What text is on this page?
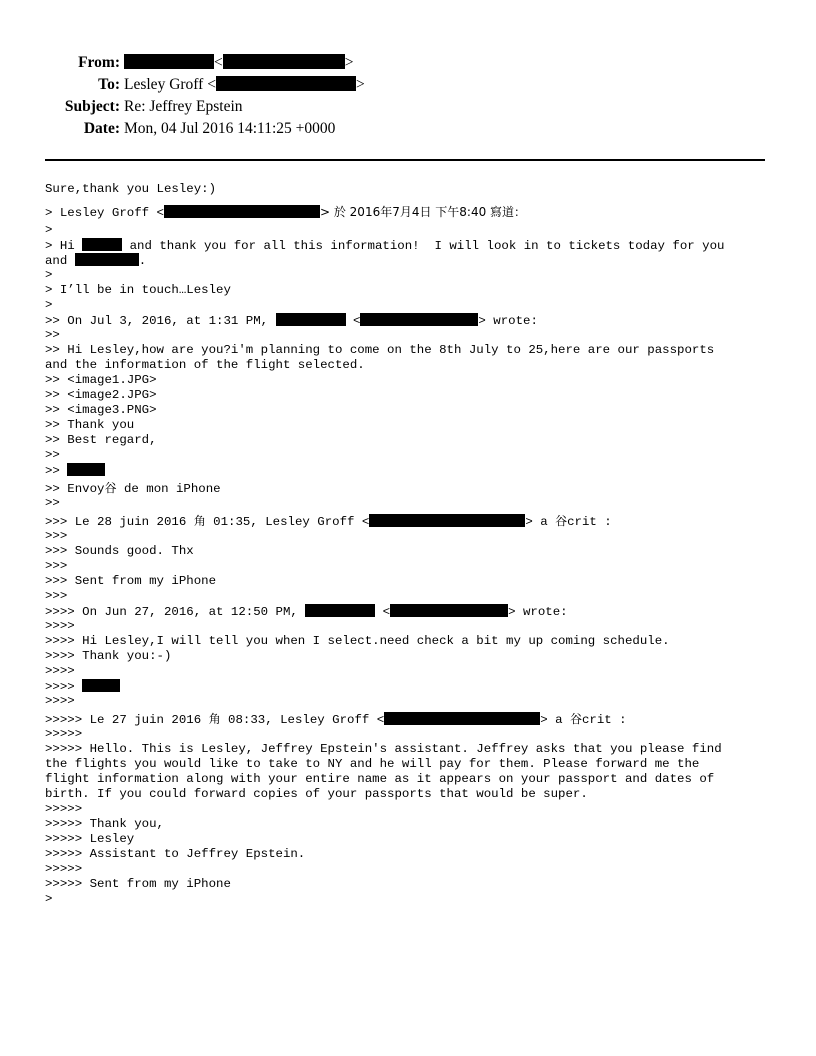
From:	<	>
To: Lesley Groff <	>
Subject: Re: Jeffrey Epstein
Date: Mon, 04 Jul 2016 14:11:25 +0000
Sure,thank you Lesley:)
> Lesley Groff <	> 於 2016年7月4日 下午8:40 寫道：
>
> Hi	and thank you for all this information!  I will look in to tickets today for you
and	.
>
> I’ll be in touch…Lesley
>
>> On Jul 3, 2016, at 1:31 PM,	<	> wrote:
>>
>> Hi Lesley,how are you?i'm planning to come on the 8th July to 25,here are our passports
and the information of the flight selected.
>> <image1.JPG>
>> <image2.JPG>
>> <image3.PNG>
>> Thank you
>> Best regard,
>>
>>
>> Envoy谷 de mon iPhone
>>
>>> Le 28 juin 2016 角 01:35, Lesley Groff <	> a 谷crit :
>>>
>>> Sounds good. Thx
>>>
>>> Sent from my iPhone
>>>
>>>> On Jun 27, 2016, at 12:50 PM,	<	> wrote:
>>>>
>>>> Hi Lesley,I will tell you when I select.need check a bit my up coming schedule.
>>>> Thank you:-)
>>>>
>>>>
>>>>
>>>>> Le 27 juin 2016 角 08:33, Lesley Groff <	> a 谷crit :
>>>>>
>>>>> Hello. This is Lesley, Jeffrey Epstein's assistant. Jeffrey asks that you please find
the flights you would like to take to NY and he will pay for them. Please forward me the
flight information along with your entire name as it appears on your passport and dates of
birth. If you could forward copies of your passports that would be super.
>>>>>
>>>>> Thank you,
>>>>> Lesley
>>>>> Assistant to Jeffrey Epstein.
>>>>>
>>>>> Sent from my iPhone
>
